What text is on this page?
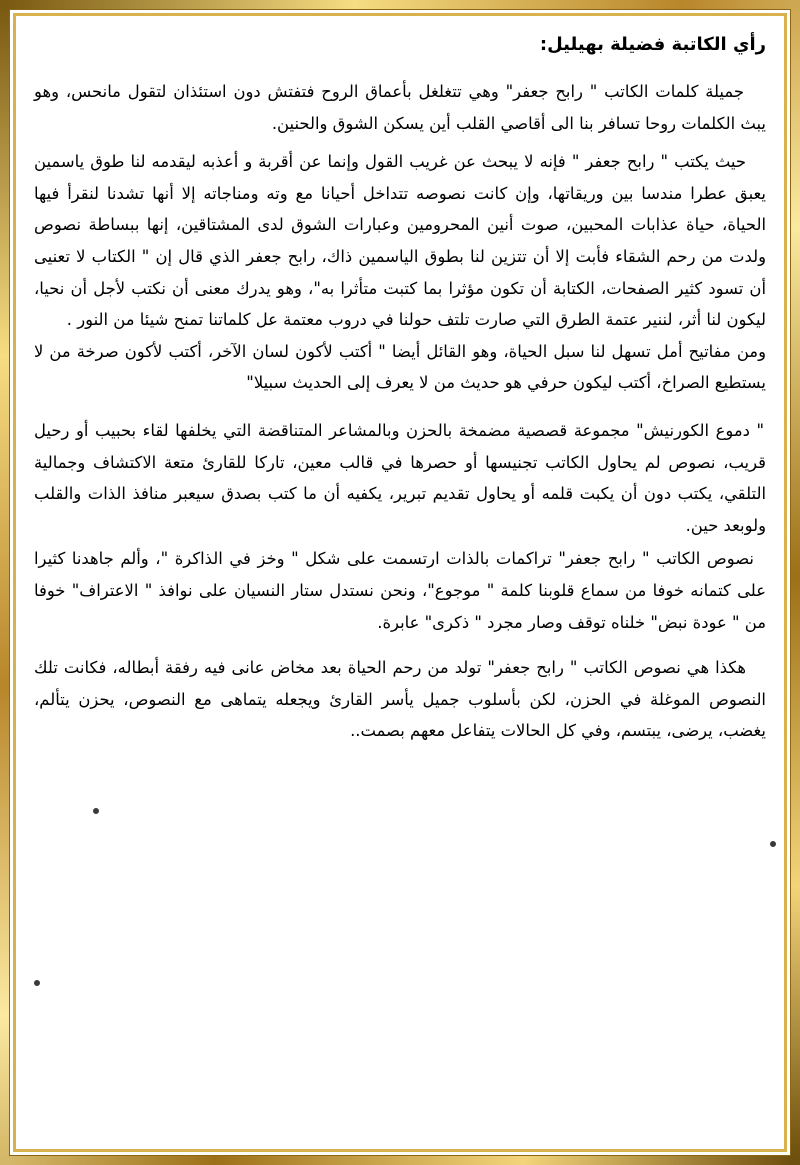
رأي الكاتبة فضيلة بهيليل:

جميلة كلمات الكاتب " رابح جعفر" وهي تتغلغل بأعماق الروح فتفتش دون استئذان لتقول مانحس، وهو يبث الكلمات روحا تسافر بنا الى أقاصي القلب أين يسكن الشوق والحنين.

حيث يكتب " رابح جعفر " فإنه لا يبحث عن غريب القول وإنما عن أقربة و أعذبه ليقدمه لنا طوق ياسمين يعبق عطرا مندسا بين وريقاتها، وإن كانت نصوصه تتداخل أحيانا مع وته ومناجاته إلا أنها تشدنا لنقرأ فيها الحياة، حياة عذابات المحبين، صوت أنين المحرومين وعبارات الشوق لدى المشتاقين، إنها ببساطة نصوص ولدت من رحم الشقاء فأبت إلا أن تتزين لنا بطوق الياسمين ذاك، رابح جعفر الذي قال إن " الكتاب لا تعنيى أن تسود كثير الصفحات، الكتابة أن تكون مؤثرا بما كتبت متأثرا به"، وهو يدرك معنى أن نكتب لأجل أن نحيا، ليكون لنا أثر، لننير عتمة الطرق التي صارت تلتف حولنا في دروب معتمة عل كلماتنا تمنح شيئا من النور .

ومن مفاتيح أمل تسهل لنا سبل الحياة، وهو القائل أيضا " أكتب لأكون لسان الآخر، أكتب لأكون صرخة من لا يستطيع الصراخ، أكتب ليكون حرفي هو حديث من لا يعرف إلى الحديث سبيلا"

" دموع الكورنيش" مجموعة قصصية مضمخة بالحزن وبالمشاعر المتناقضة التي يخلفها لقاء بحبيب أو رحيل قريب، نصوص لم يحاول الكاتب تجنيسها أو حصرها في قالب معين، تاركا للقارئ متعة الاكتشاف وجمالية التلقي، يكتب دون أن يكبت قلمه أو يحاول تقديم تبرير، يكفيه أن ما كتب بصدق سيعبر منافذ الذات والقلب ولوبعد حين.

نصوص الكاتب " رابح جعفر" تراكمات بالذات ارتسمت على شكل " وخز في الذاكرة "، وألم جاهدنا كثيرا على كتمانه خوفا من سماع قلوبنا كلمة " موجوع"، ونحن نستدل ستار النسيان على نوافذ " الاعتراف" خوفا من " عودة نبض" خلناه توقف وصار مجرد " ذكرى" عابرة.

هكذا هي نصوص الكاتب " رابح جعفر" تولد من رحم الحياة بعد مخاض عانى فيه رفقة أبطاله، فكانت تلك النصوص الموغلة في الحزن، لكن بأسلوب جميل يأسر القارئ ويجعله يتماهى مع النصوص، يحزن يتألم، يغضب، يرضى، يبتسم، وفي كل الحالات يتفاعل معهم بصمت..
